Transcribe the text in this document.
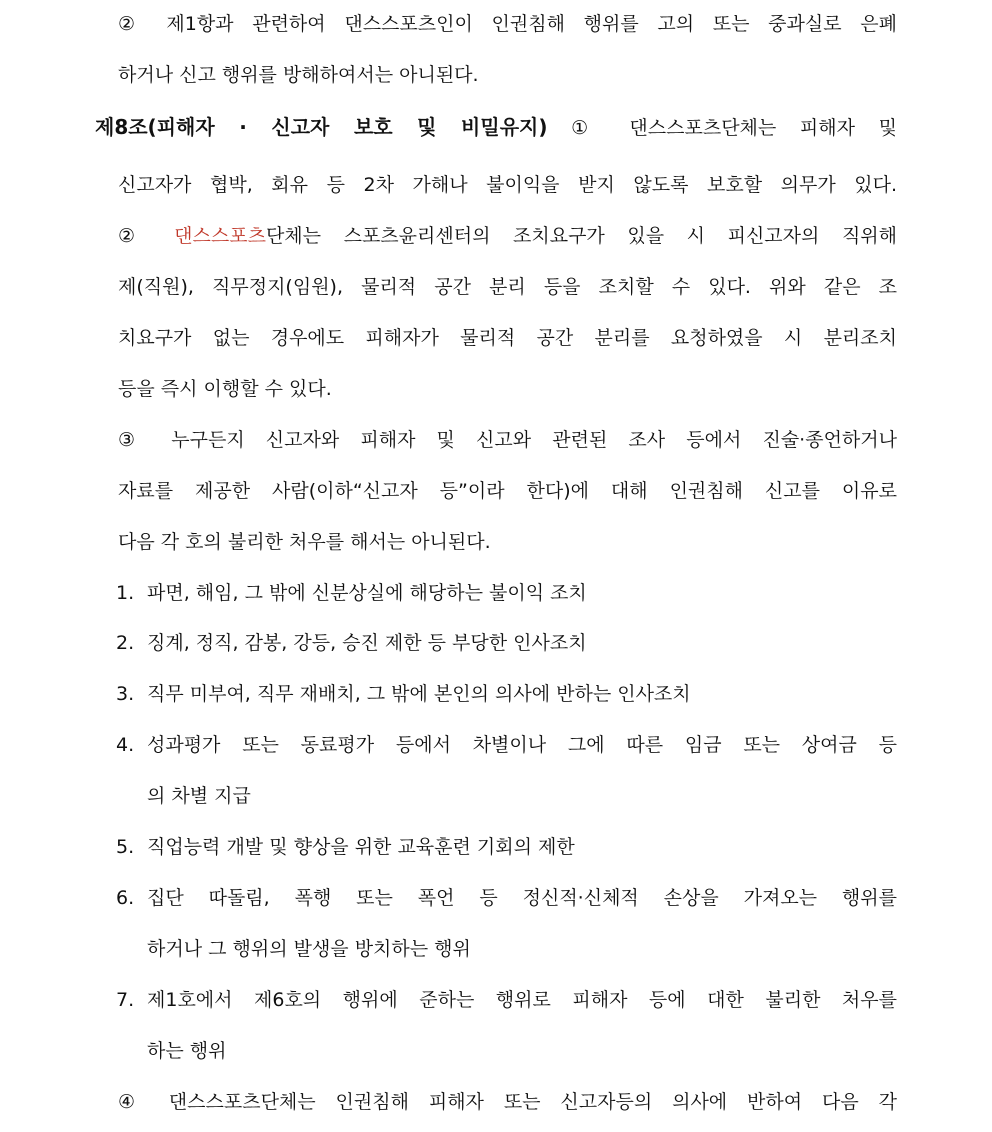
② 제1항과 관련하여 댄스스포츠인이 인권침해 행위를 고의 또는 중과실로 은폐
하거나 신고 행위를 방해하여서는 아니된다.
제8조(피해자 · 신고자 보호 및 비밀유지) ① 댄스스포츠단체는 피해자 및
신고자가 협박, 회유 등 2차 가해나 불이익을 받지 않도록 보호할 의무가 있다.
② 댄스스포츠단체는 스포츠윤리센터의 조치요구가 있을 시 피신고자의 직위해
제(직원), 직무정지(임원), 물리적 공간 분리 등을 조치할 수 있다. 위와 같은 조
치요구가 없는 경우에도 피해자가 물리적 공간 분리를 요청하였을 시 분리조치
등을 즉시 이행할 수 있다.
③ 누구든지 신고자와 피해자 및 신고와 관련된 조사 등에서 진술·종언하거나
자료를 제공한 사람(이하“신고자 등”이라 한다)에 대해 인권침해 신고를 이유로
다음 각 호의 불리한 처우를 해서는 아니된다.
1. 파면, 해임, 그 밖에 신분상실에 해당하는 불이익 조치
2. 징계, 정직, 감봉, 강등, 승진 제한 등 부당한 인사조치
3. 직무 미부여, 직무 재배치, 그 밖에 본인의 의사에 반하는 인사조치
4. 성과평가 또는 동료평가 등에서 차별이나 그에 따른 임금 또는 상여금 등
의 차별 지급
5. 직업능력 개발 및 향상을 위한 교육훈련 기회의 제한
6. 집단 따돌림, 폭행 또는 폭언 등 정신적·신체적 손상을 가져오는 행위를
하거나 그 행위의 발생을 방치하는 행위
7. 제1호에서 제6호의 행위에 준하는 행위로 피해자 등에 대한 불리한 처우를
하는 행위
④ 댄스스포츠단체는 인권침해 피해자 또는 신고자등의 의사에 반하여 다음 각
